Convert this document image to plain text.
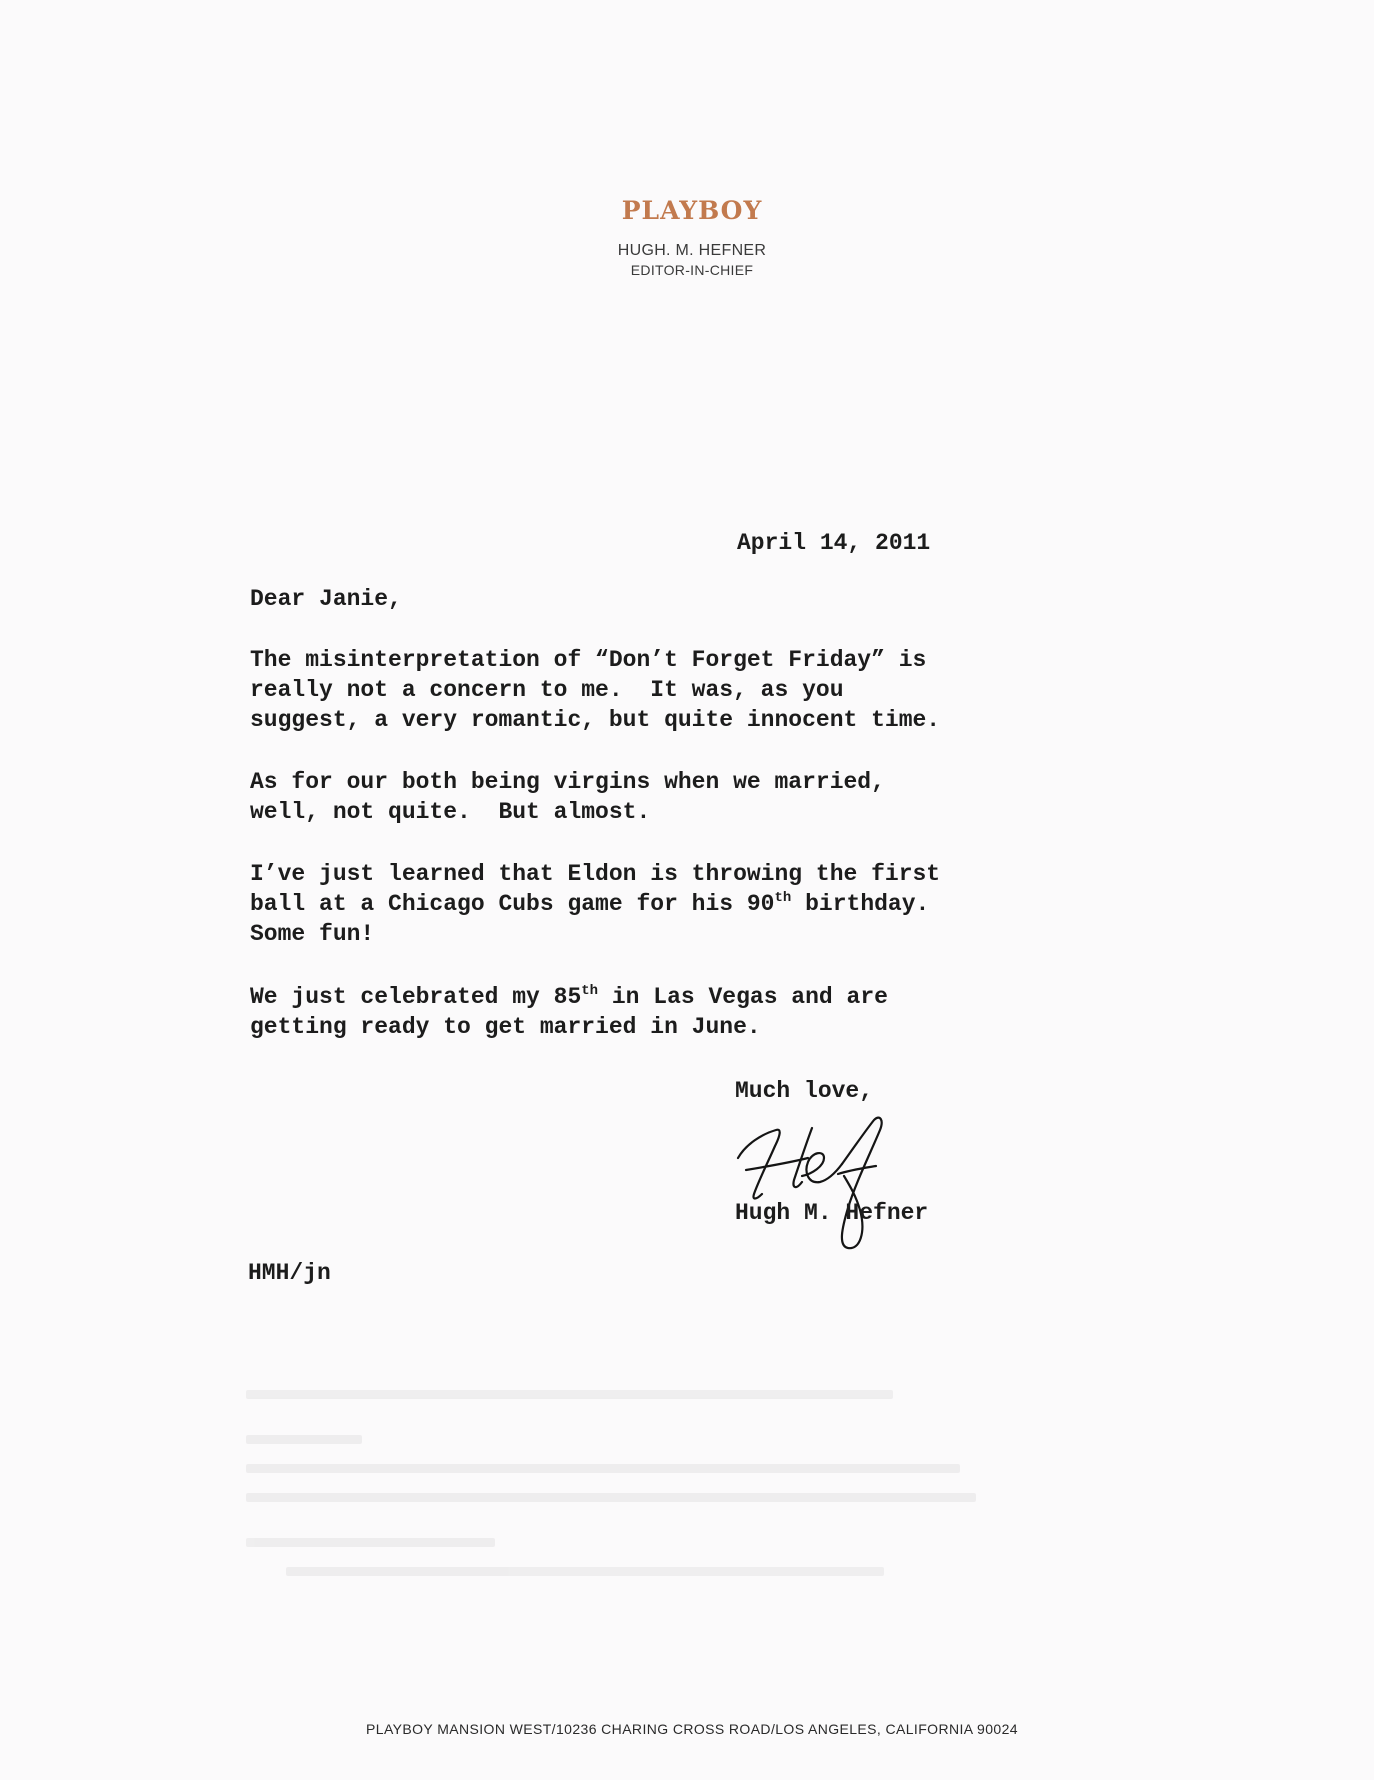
PLAYBOY
HUGH. M. HEFNER
EDITOR-IN-CHIEF
April 14, 2011
Dear Janie,
The misinterpretation of “Don’t Forget Friday” is
really not a concern to me.  It was, as you
suggest, a very romantic, but quite innocent time.
As for our both being virgins when we married,
well, not quite.  But almost.
I’ve just learned that Eldon is throwing the first
ball at a Chicago Cubs game for his 90th birthday.
Some fun!
We just celebrated my 85th in Las Vegas and are
getting ready to get married in June.
Much love,
Hugh M. Hefner
HMH/jn
PLAYBOY MANSION WEST/10236 CHARING CROSS ROAD/LOS ANGELES, CALIFORNIA 90024
